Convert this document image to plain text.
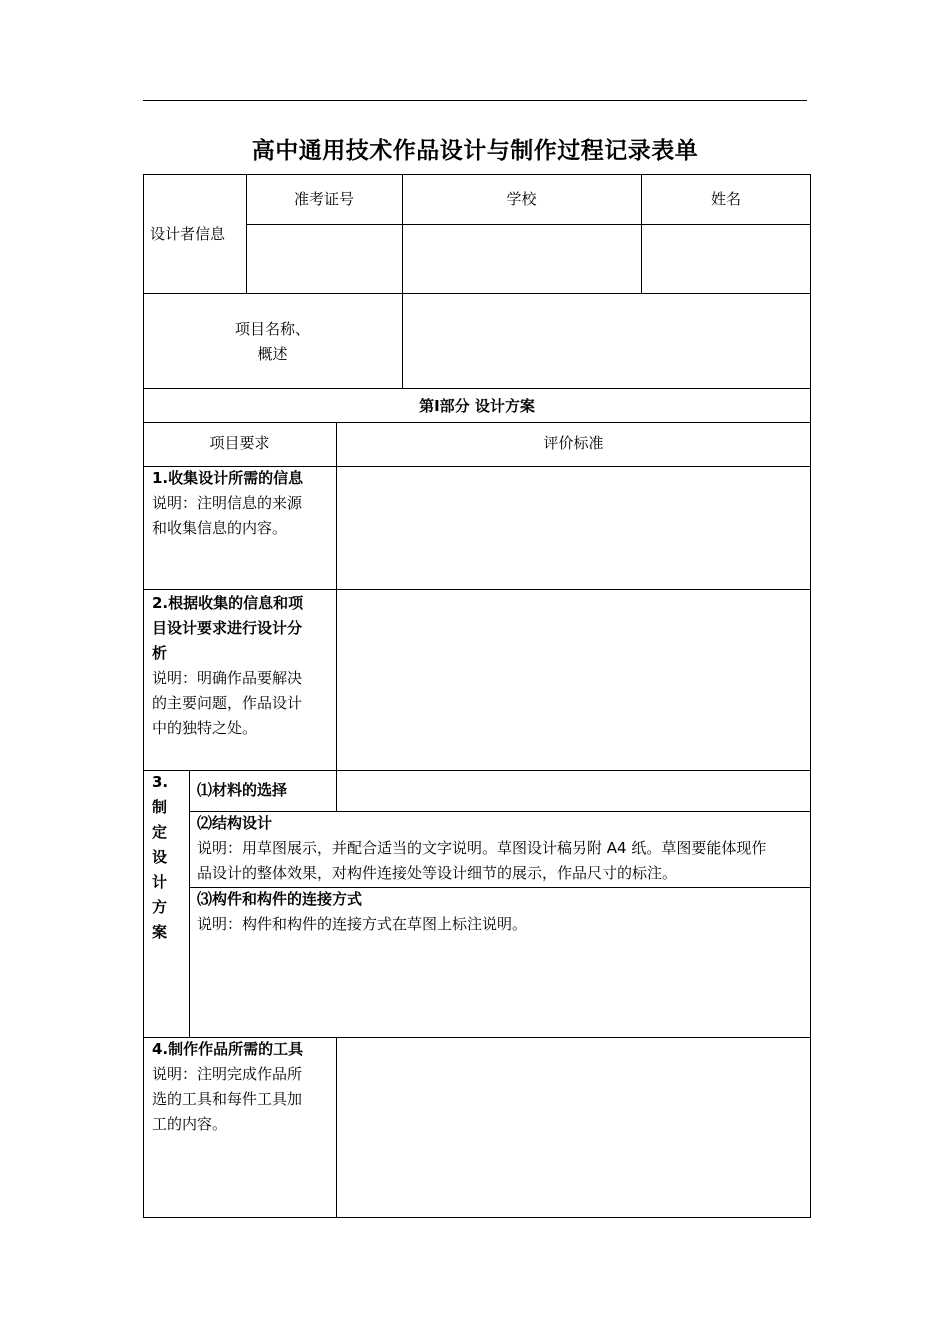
高中通用技术作品设计与制作过程记录表单
设计者信息
准考证号	学校	姓名
项目名称、
概述
第Ⅰ部分 设计方案
项目要求	评价标准
1.收集设计所需的信息
说明：注明信息的来源
和收集信息的内容。
2.根据收集的信息和项
目设计要求进行设计分
析
说明：明确作品要解决
的主要问题，作品设计
中的独特之处。
3.
制
定
设
计
方
案
⑴材料的选择
⑵结构设计
说明：用草图展示，并配合适当的文字说明。草图设计稿另附 A4 纸。草图要能体现作
品设计的整体效果，对构件连接处等设计细节的展示，作品尺寸的标注。
⑶构件和构件的连接方式
说明：构件和构件的连接方式在草图上标注说明。
4.制作作品所需的工具
说明：注明完成作品所
选的工具和每件工具加
工的内容。
